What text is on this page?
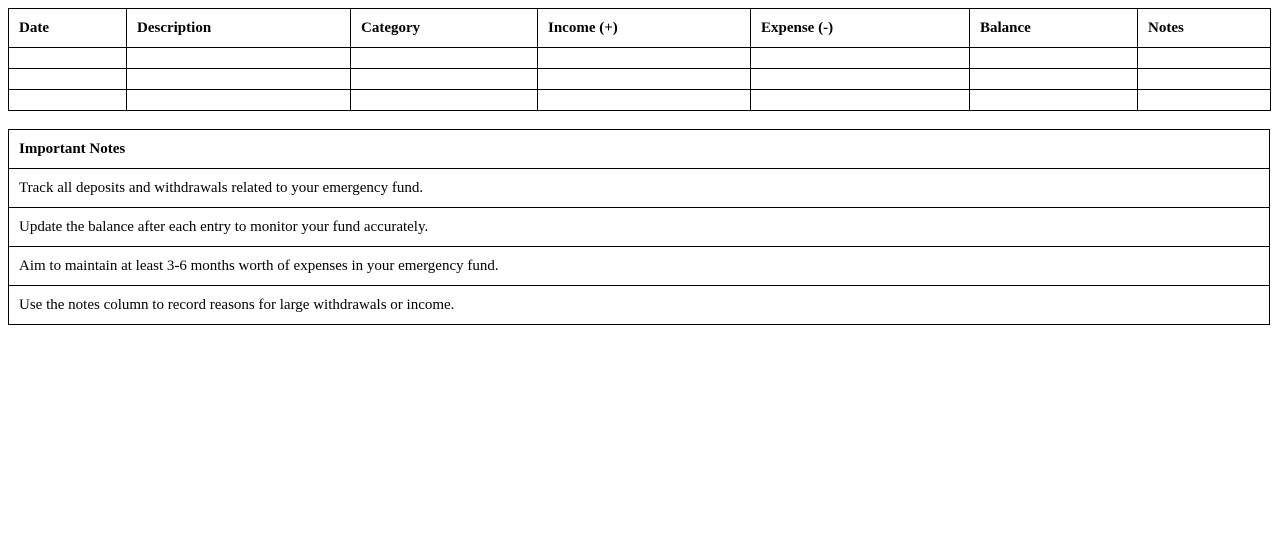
Date	Description	Category	Income (+)	Expense (-)	Balance	Notes

Important Notes
Track all deposits and withdrawals related to your emergency fund.
Update the balance after each entry to monitor your fund accurately.
Aim to maintain at least 3-6 months worth of expenses in your emergency fund.
Use the notes column to record reasons for large withdrawals or income.
